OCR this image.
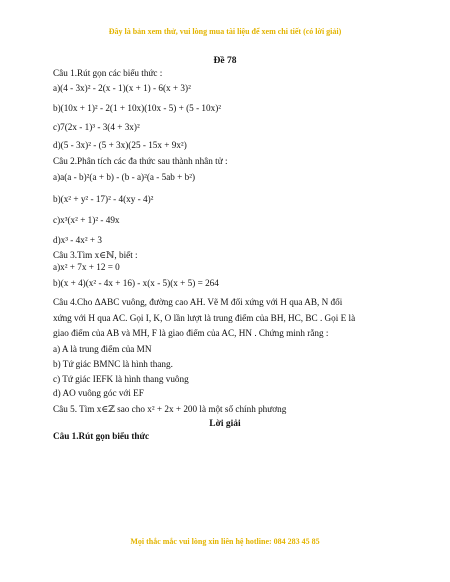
Đây là bản xem thử, vui lòng mua tài liệu để xem chi tiết (có lời giải)
Đề 78
Câu 1.Rút gọn các biểu thức :
a)(4 - 3x)² - 2(x - 1)(x + 1) - 6(x + 3)²
b)(10x + 1)² - 2(1 + 10x)(10x - 5) + (5 - 10x)²
c)7(2x - 1)³ - 3(4 + 3x)²
d)(5 - 3x)² - (5 + 3x)(25 - 15x + 9x²)
Câu 2.Phân tích các đa thức sau thành nhân tử :
a)a(a - b)²(a + b) - (b - a)²(a - 5ab + b²)
b)(x² + y² - 17)² - 4(xy - 4)²
c)x³(x² + 1)² - 49x
d)x³ - 4x² + 3
Câu 3.Tìm x∈ℕ, biết :
a)x² + 7x + 12 = 0
b)(x + 4)(x² - 4x + 16) - x(x - 5)(x + 5) = 264
Câu 4.Cho ΔABC vuông, đường cao AH. Vẽ M đối xứng với H qua AB, N đối
xứng với H qua AC. Gọi I, K, O lần lượt là trung điểm của BH, HC, BC . Gọi E là
giao điểm của AB và MH, F là giao điểm của AC, HN . Chứng minh rằng :
a) A là trung điểm của MN
b) Tứ giác BMNC là hình thang.
c) Tứ giác IEFK là hình thang vuông
d) AO vuông góc với EF
Câu 5. Tìm x∈ℤ sao cho x² + 2x + 200 là một số chính phương
Lời giải
Câu 1.Rút gọn biểu thức
Mọi thắc mắc vui lòng xin liên hệ hotline: 084 283 45 85
